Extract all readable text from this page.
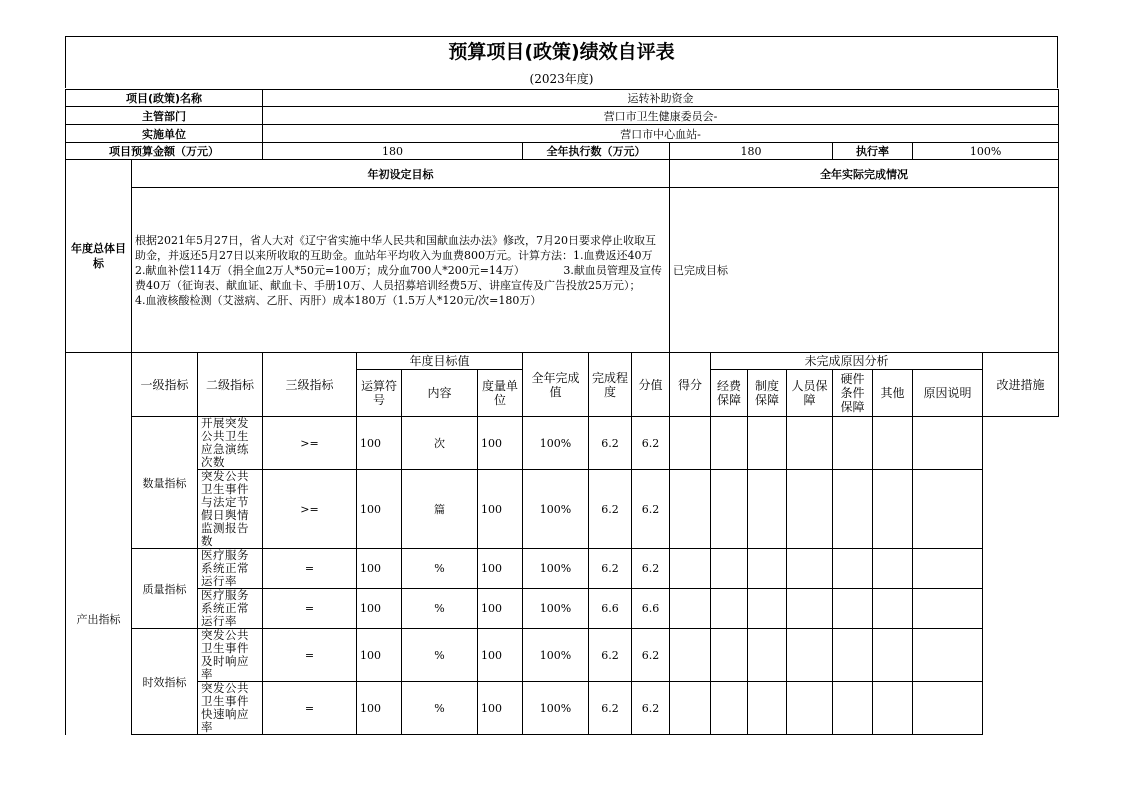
预算项目(政策)绩效自评表
(2023年度)
项目(政策)名称			运转补助资金														
主管部门			营口市卫生健康委员会-														
实施单位			营口市中心血站-														
项目预算金额（万元）			180				全年执行数（万元）			180				执行率		100%	
年度总体目标	年初设定目标									全年实际完成情况							
	根据2021年5月27日，省人大对《辽宁省实施中华人民共和国献血法办法》修改，7月20日要求停止收取互助金，并返还5月27日以来所收取的互助金。血站年平均收入为血费800万元。计算方法：1.血费返还40万　　　　　2.献血补偿114万（捐全血2万人*50元=100万；成分血700人*200元=14万）　　　　3.献血员管理及宣传费40万（征询表、献血证、献血卡、手册10万、人员招募培训经费5万、讲座宣传及广告投放25万元）；　　　　4.血液核酸检测（艾滋病、乙肝、丙肝）成本180万（1.5万人*120元/次=180万）									已完成目标							
产出指标	一级指标	二级指标	三级指标	年度目标值			全年完成值	完成程度	分值	得分	未完成原因分析						改进措施
				运算符号	内容	度量单位					经费保障	制度保障	人员保障	硬件条件保障	其他	原因说明	
	数量指标	开展突发公共卫生应急演练次数	>=	100	次	100	100%	6.2	6.2								
		突发公共卫生事件与法定节假日舆情监测报告数	>=	100	篇	100	100%	6.2	6.2								
	质量指标	医疗服务系统正常运行率	=	100	%	100	100%	6.2	6.2								
		医疗服务系统正常运行率	=	100	%	100	100%	6.6	6.6								
	时效指标	突发公共卫生事件及时响应率	=	100	%	100	100%	6.2	6.2								
		突发公共卫生事件快速响应率	=	100	%	100	100%	6.2	6.2								
